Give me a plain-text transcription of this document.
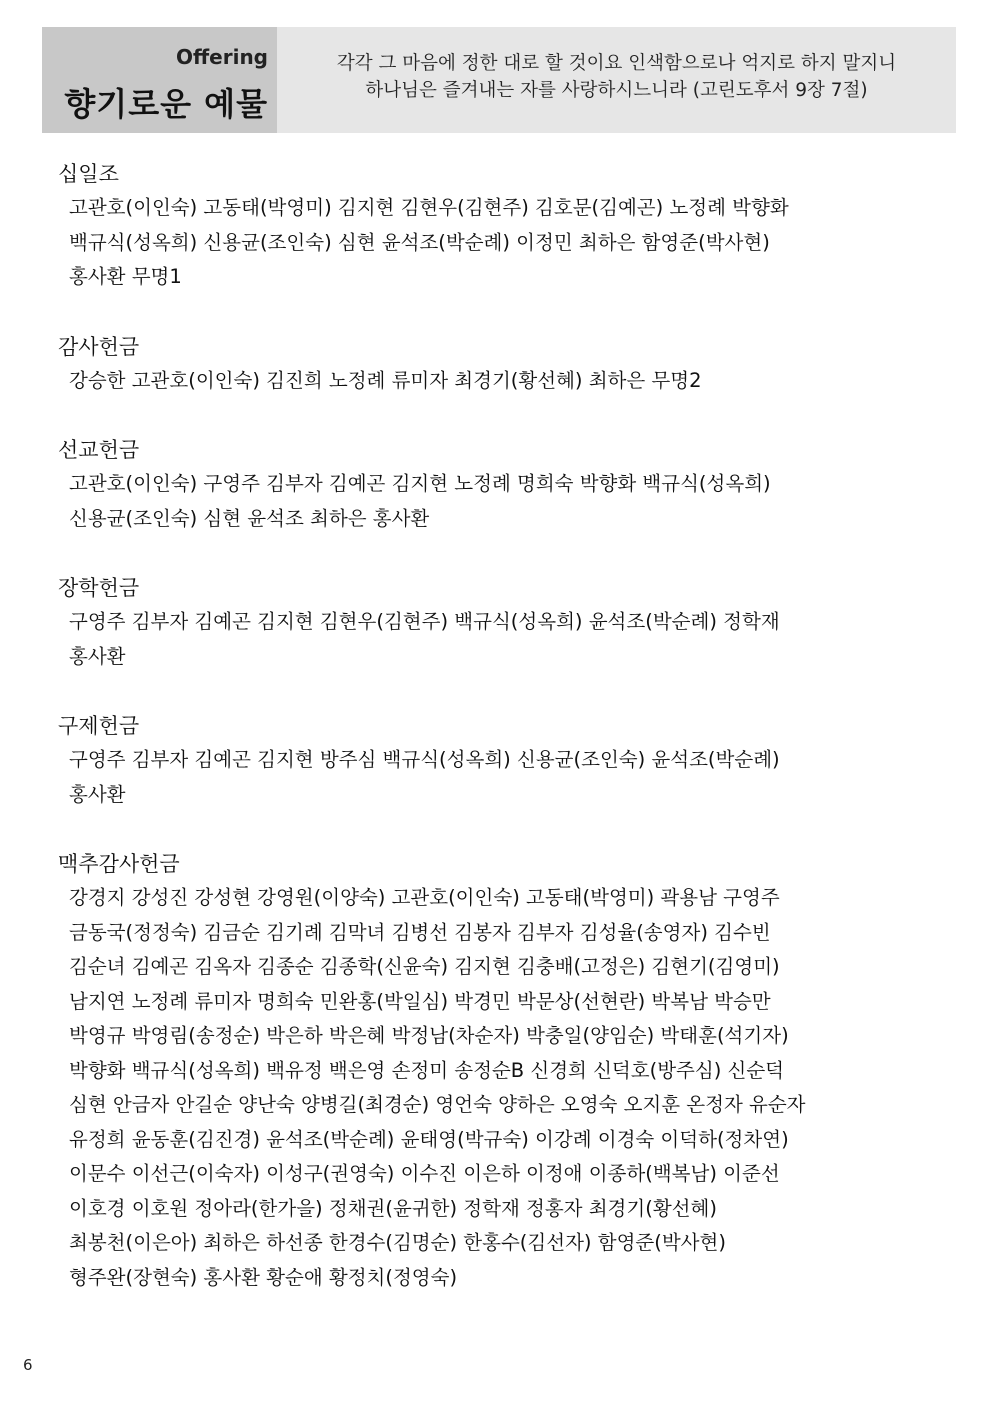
Offering
향기로운 예물
각각 그 마음에 정한 대로 할 것이요 인색함으로나 억지로 하지 말지니
하나님은 즐겨내는 자를 사랑하시느니라 (고린도후서 9장 7절)
십일조
고관호(이인숙) 고동태(박영미) 김지현 김현우(김현주) 김호문(김예곤) 노정례 박향화
백규식(성옥희) 신용균(조인숙) 심현 윤석조(박순례) 이정민 최하은 함영준(박사현)
홍사환 무명1
감사헌금
강승한 고관호(이인숙) 김진희 노정례 류미자 최경기(황선혜) 최하은 무명2
선교헌금
고관호(이인숙) 구영주 김부자 김예곤 김지현 노정례 명희숙 박향화 백규식(성옥희)
신용균(조인숙) 심현 윤석조 최하은 홍사환
장학헌금
구영주 김부자 김예곤 김지현 김현우(김현주) 백규식(성옥희) 윤석조(박순례) 정학재
홍사환
구제헌금
구영주 김부자 김예곤 김지현 방주심 백규식(성옥희) 신용균(조인숙) 윤석조(박순례)
홍사환
맥추감사헌금
강경지 강성진 강성현 강영원(이양숙) 고관호(이인숙) 고동태(박영미) 곽용남 구영주
금동국(정정숙) 김금순 김기례 김막녀 김병선 김봉자 김부자 김성율(송영자) 김수빈
김순녀 김예곤 김옥자 김종순 김종학(신윤숙) 김지현 김충배(고정은) 김현기(김영미)
남지연 노정례 류미자 명희숙 민완홍(박일심) 박경민 박문상(선현란) 박복남 박승만
박영규 박영림(송정순) 박은하 박은혜 박정남(차순자) 박충일(양임순) 박태훈(석기자)
박향화 백규식(성옥희) 백유정 백은영 손정미 송정순B 신경희 신덕호(방주심) 신순덕
심현 안금자 안길순 양난숙 양병길(최경순) 영언숙 양하은 오영숙 오지훈 온정자 유순자
유정희 윤동훈(김진경) 윤석조(박순례) 윤태영(박규숙) 이강례 이경숙 이덕하(정차연)
이문수 이선근(이숙자) 이성구(권영숙) 이수진 이은하 이정애 이종하(백복남) 이준선
이호경 이호원 정아라(한가을) 정채권(윤귀한) 정학재 정홍자 최경기(황선혜)
최봉천(이은아) 최하은 하선종 한경수(김명순) 한홍수(김선자) 함영준(박사현)
형주완(장현숙) 홍사환 황순애 황정치(정영숙)
6
